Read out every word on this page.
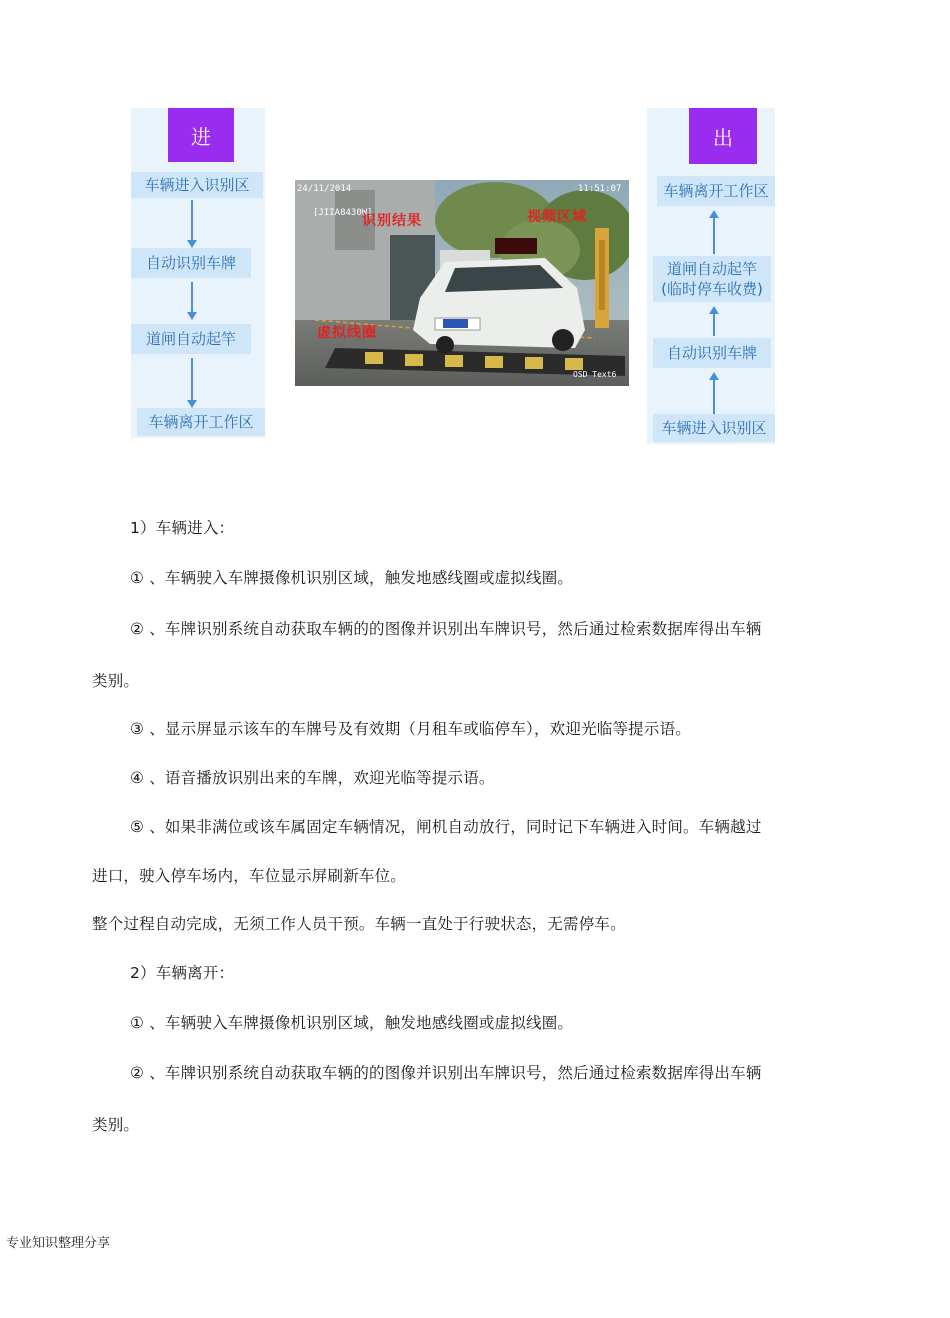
进
车辆进入识别区
自动识别车牌
道闸自动起竿
车辆离开工作区
24/11/2014	11:51:07
[JIIA8430W]
识别结果	视频区域
虚拟线圈
OSD Text6
出
车辆离开工作区
道闸自动起竿
(临时停车收费)
自动识别车牌
车辆进入识别区
1）车辆进入：
① 、车辆驶入车牌摄像机识别区域，触发地感线圈或虚拟线圈。
② 、车牌识别系统自动获取车辆的的图像并识别出车牌识号，然后通过检索数据库得出车辆
类别。
③ 、显示屏显示该车的车牌号及有效期（月租车或临停车），欢迎光临等提示语。
④ 、语音播放识别出来的车牌，欢迎光临等提示语。
⑤ 、如果非满位或该车属固定车辆情况，闸机自动放行，同时记下车辆进入时间。车辆越过
进口，驶入停车场内，车位显示屏刷新车位。
整个过程自动完成，无须工作人员干预。车辆一直处于行驶状态，无需停车。
2）车辆离开：
① 、车辆驶入车牌摄像机识别区域，触发地感线圈或虚拟线圈。
② 、车牌识别系统自动获取车辆的的图像并识别出车牌识号，然后通过检索数据库得出车辆
类别。
专业知识整理分享
